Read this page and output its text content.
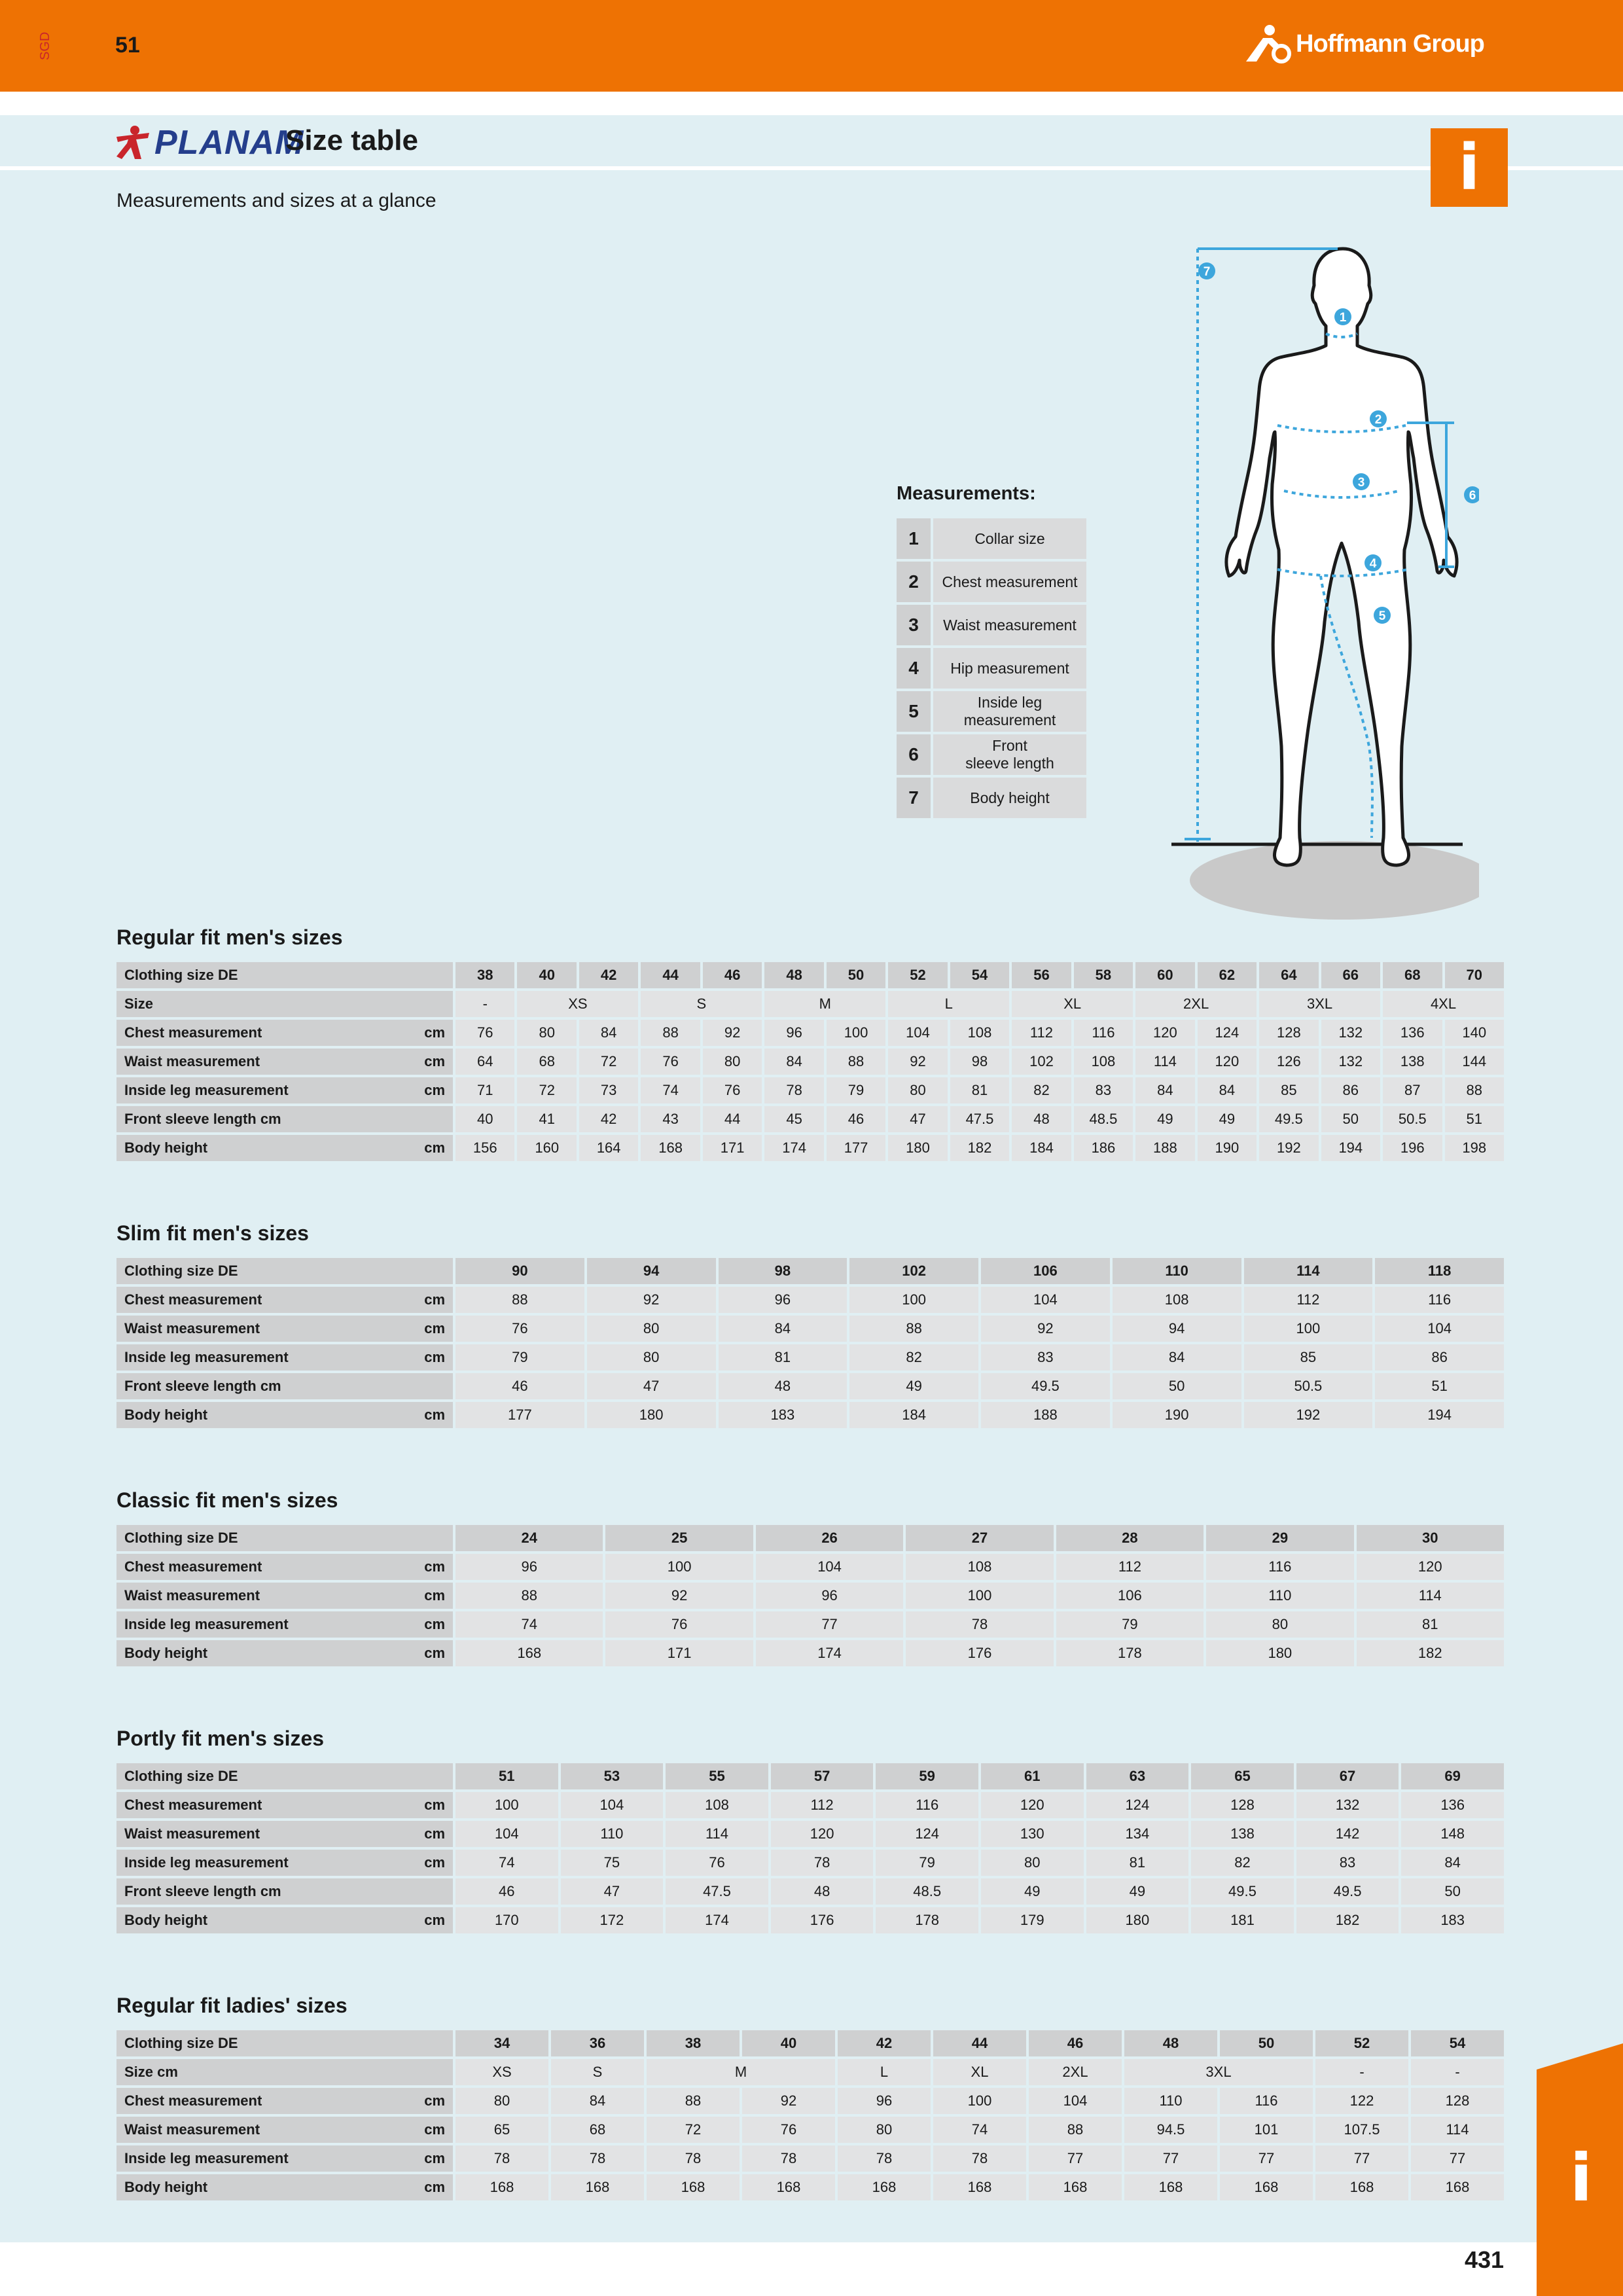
SGD	51	Hoffmann Group
PLANAM
Size table
Measurements and sizes at a glance	i
Measurements:
1	Collar size
2	Chest measurement
3	Waist measurement
4	Hip measurement
5	Inside leg measurement
6	Front
sleeve length
7	Body height
1
2
3
4
5
6
7
Regular fit men's sizes
Clothing size DE	38	40	42	44	46	48	50	52	54	56	58	60	62	64	66	68	70
Size	-	XS		S		M		L		XL		2XL		3XL		4XL	
Chest measurement cm	76	80	84	88	92	96	100	104	108	112	116	120	124	128	132	136	140
Waist measurement cm	64	68	72	76	80	84	88	92	98	102	108	114	120	126	132	138	144
Inside leg measurement cm	71	72	73	74	76	78	79	80	81	82	83	84	84	85	86	87	88
Front sleeve length cm	40	41	42	43	44	45	46	47	47.5	48	48.5	49	49	49.5	50	50.5	51
Body height cm	156	160	164	168	171	174	177	180	182	184	186	188	190	192	194	196	198
Slim fit men's sizes
Clothing size DE	90	94	98	102	106	110	114	118
Chest measurement cm	88	92	96	100	104	108	112	116
Waist measurement cm	76	80	84	88	92	94	100	104
Inside leg measurement cm	79	80	81	82	83	84	85	86
Front sleeve length cm	46	47	48	49	49.5	50	50.5	51
Body height cm	177	180	183	184	188	190	192	194
Classic fit men's sizes
Clothing size DE	24	25	26	27	28	29	30
Chest measurement cm	96	100	104	108	112	116	120
Waist measurement cm	88	92	96	100	106	110	114
Inside leg measurement cm	74	76	77	78	79	80	81
Body height cm	168	171	174	176	178	180	182
Portly fit men's sizes
Clothing size DE	51	53	55	57	59	61	63	65	67	69
Chest measurement cm	100	104	108	112	116	120	124	128	132	136
Waist measurement cm	104	110	114	120	124	130	134	138	142	148
Inside leg measurement cm	74	75	76	78	79	80	81	82	83	84
Front sleeve length cm	46	47	47.5	48	48.5	49	49	49.5	49.5	50
Body height cm	170	172	174	176	178	179	180	181	182	183
Regular fit ladies' sizes
Clothing size DE	34	36	38	40	42	44	46	48	50	52	54
Size cm	XS	S	M		L	XL	2XL	3XL		-	-
Chest measurement cm	80	84	88	92	96	100	104	110	116	122	128
Waist measurement cm	65	68	72	76	80	74	88	94.5	101	107.5	114
Inside leg measurement cm	78	78	78	78	78	78	77	77	77	77	77
Body height cm	168	168	168	168	168	168	168	168	168	168	168
431
i
